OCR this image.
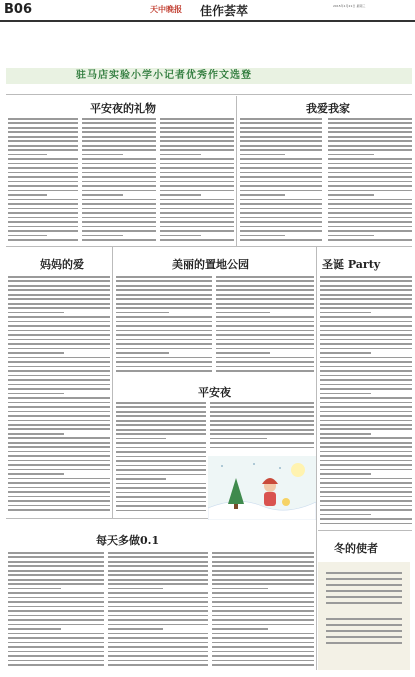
B06	天中晚报 佳作荟萃	2015年1月21日 星期三
驻马店实验小学小记者优秀作文选登
平安夜的礼物	我爱我家
妈妈的爱	美丽的置地公园	圣诞 Party
平安夜
每天多做0.1
冬的使者
